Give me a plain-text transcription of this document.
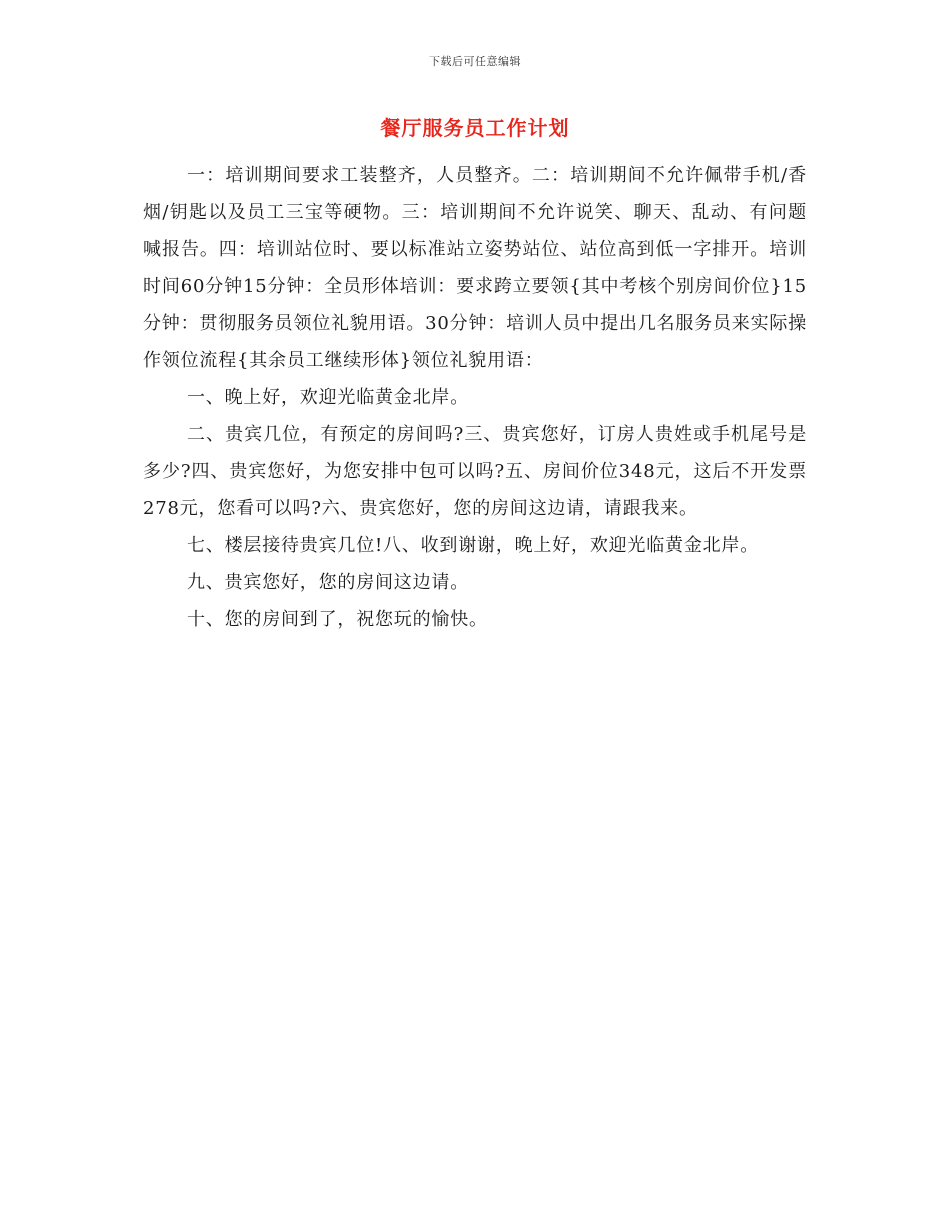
下载后可任意编辑
餐厅服务员工作计划

一：培训期间要求工装整齐，人员整齐。二：培训期间不允许佩带手机/香烟/钥匙以及员工三宝等硬物。三：培训期间不允许说笑、聊天、乱动、有问题喊报告。四：培训站位时、要以标准站立姿势站位、站位高到低一字排开。培训时间60分钟15分钟：全员形体培训：要求跨立要领{其中考核个别房间价位}15分钟：贯彻服务员领位礼貌用语。30分钟：培训人员中提出几名服务员来实际操作领位流程{其余员工继续形体}领位礼貌用语：

一、晚上好，欢迎光临黄金北岸。

二、贵宾几位，有预定的房间吗?三、贵宾您好，订房人贵姓或手机尾号是多少?四、贵宾您好，为您安排中包可以吗?五、房间价位348元，这后不开发票278元，您看可以吗?六、贵宾您好，您的房间这边请，请跟我来。

七、楼层接待贵宾几位!八、收到谢谢，晚上好，欢迎光临黄金北岸。

九、贵宾您好，您的房间这边请。

十、您的房间到了，祝您玩的愉快。
